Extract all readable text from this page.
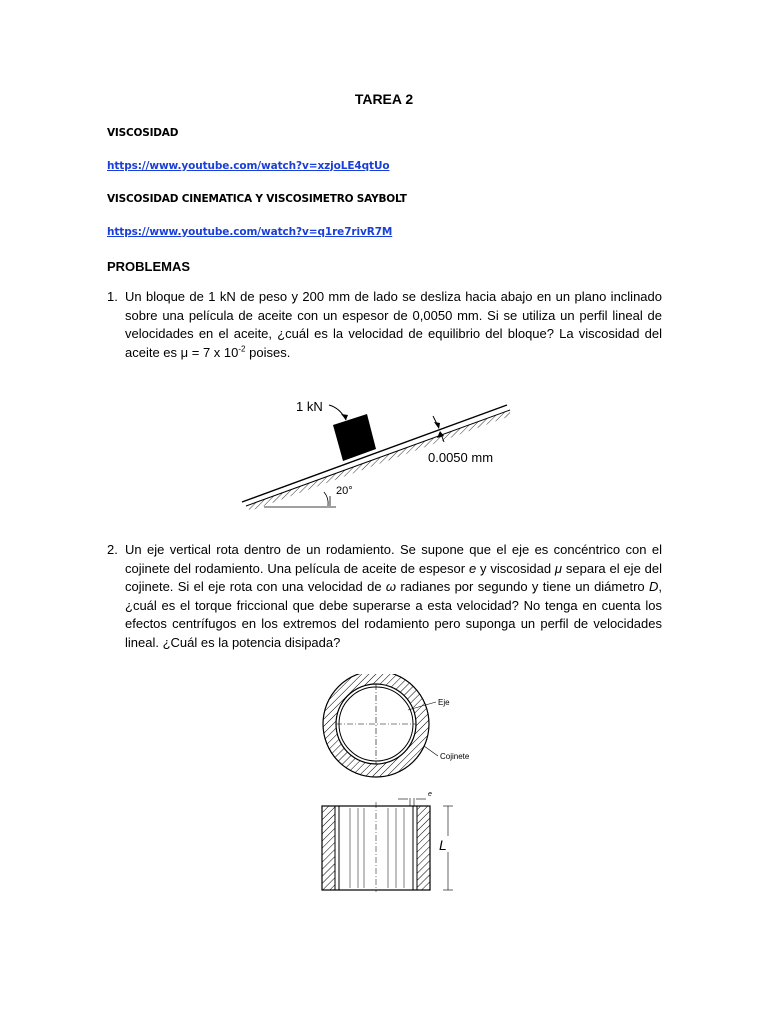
TAREA 2
VISCOSIDAD
https://www.youtube.com/watch?v=xzjoLE4qtUo
VISCOSIDAD CINEMATICA Y VISCOSIMETRO SAYBOLT
https://www.youtube.com/watch?v=q1re7rivR7M
PROBLEMAS
1. Un bloque de 1 kN de peso y 200 mm de lado se desliza hacia abajo en un plano inclinado sobre una película de aceite con un espesor de 0,0050 mm. Si se utiliza un perfil lineal de velocidades en el aceite, ¿cuál es la velocidad de equilibrio del bloque? La viscosidad del aceite es μ = 7 x $10^{-2}$ poises.
1 kN
0.0050 mm
20°
2. Un eje vertical rota dentro de un rodamiento. Se supone que el eje es concéntrico con el cojinete del rodamiento. Una película de aceite de espesor e y viscosidad μ separa el eje del cojinete. Si el eje rota con una velocidad de ω radianes por segundo y tiene un diámetro D, ¿cuál es el torque friccional que debe superarse a esta velocidad? No tenga en cuenta los efectos centrífugos en los extremos del rodamiento pero suponga un perfil de velocidades lineal. ¿Cuál es la potencia disipada?
Eje
Cojinete
e
L
